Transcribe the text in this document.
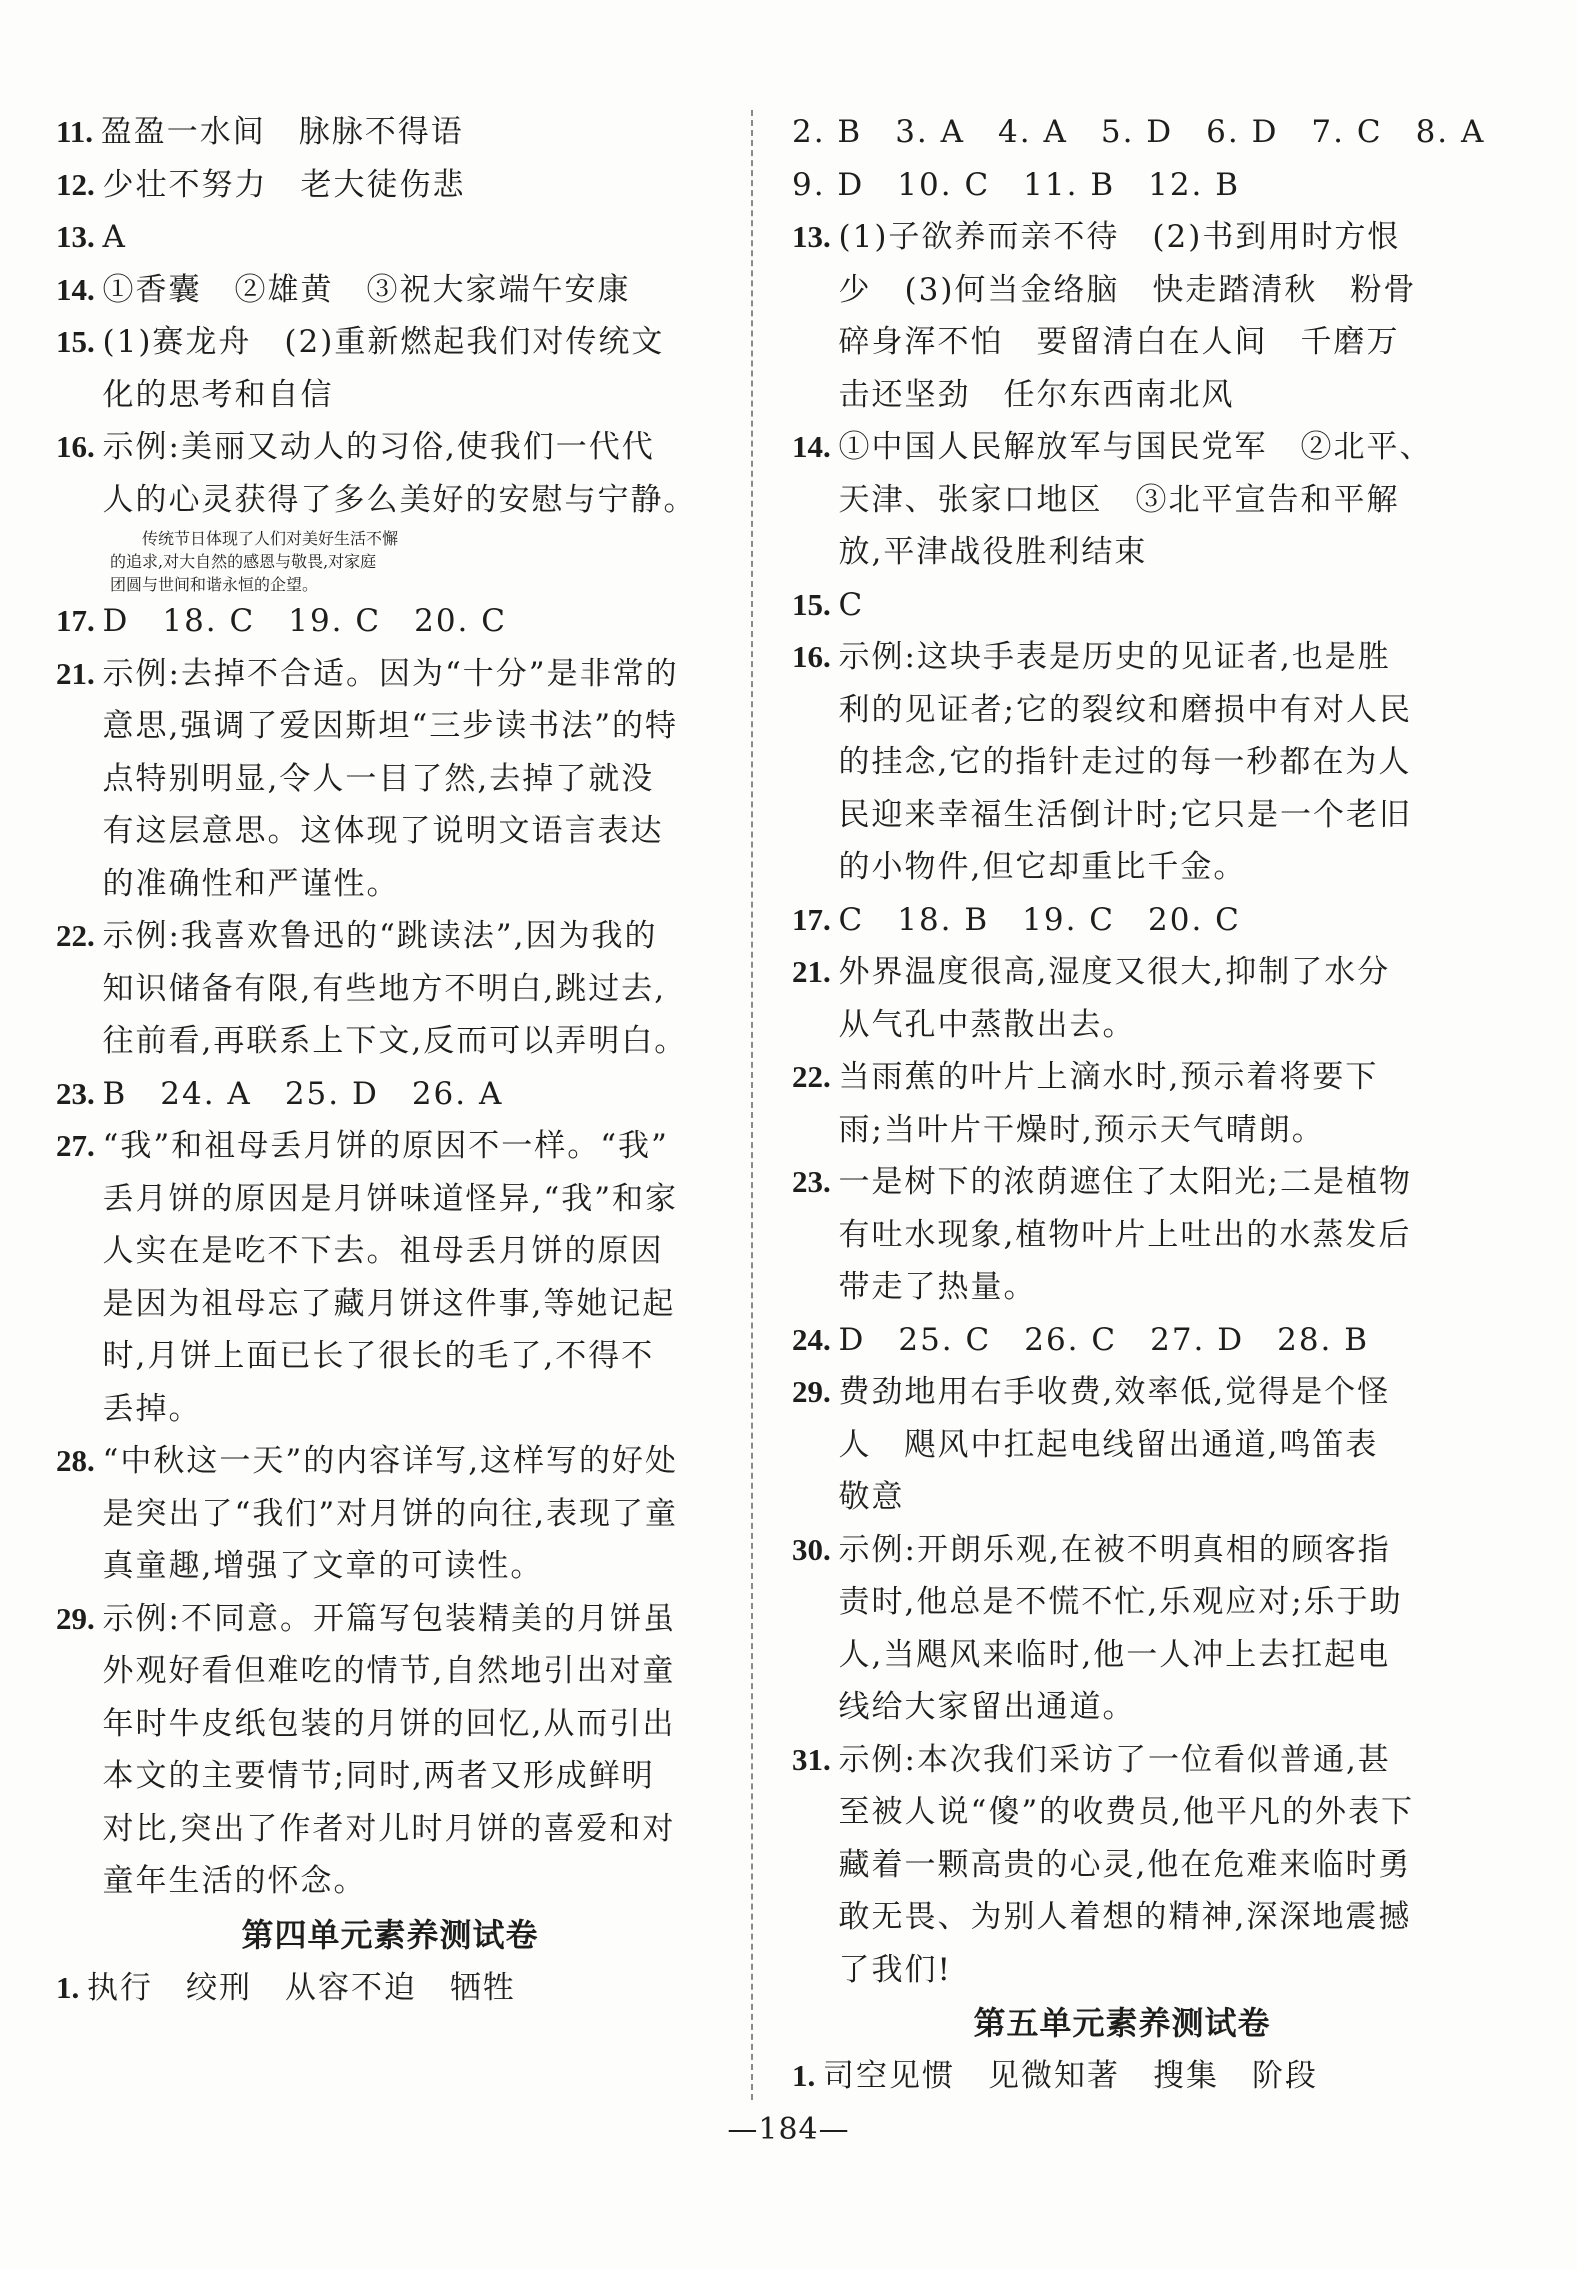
11. 盈盈一水间　脉脉不得语
12. 少壮不努力　老大徒伤悲
13. A
14. ①香囊　②雄黄　③祝大家端午安康
15. (1)赛龙舟　(2)重新燃起我们对传统文
化的思考和自信
16. 示例:美丽又动人的习俗,使我们一代代
人的心灵获得了多么美好的安慰与宁静。
传统节日体现了人们对美好生活不懈
的追求,对大自然的感恩与敬畏,对家庭
团圆与世间和谐永恒的企望。
17. D　18. C　19. C　20. C
21. 示例:去掉不合适。因为“十分”是非常的
意思,强调了爱因斯坦“三步读书法”的特
点特别明显,令人一目了然,去掉了就没
有这层意思。这体现了说明文语言表达
的准确性和严谨性。
22. 示例:我喜欢鲁迅的“跳读法”,因为我的
知识储备有限,有些地方不明白,跳过去,
往前看,再联系上下文,反而可以弄明白。
23. B　24. A　25. D　26. A
27. “我”和祖母丢月饼的原因不一样。“我”
丢月饼的原因是月饼味道怪异,“我”和家
人实在是吃不下去。祖母丢月饼的原因
是因为祖母忘了藏月饼这件事,等她记起
时,月饼上面已长了很长的毛了,不得不
丢掉。
28. “中秋这一天”的内容详写,这样写的好处
是突出了“我们”对月饼的向往,表现了童
真童趣,增强了文章的可读性。
29. 示例:不同意。开篇写包装精美的月饼虽
外观好看但难吃的情节,自然地引出对童
年时牛皮纸包装的月饼的回忆,从而引出
本文的主要情节;同时,两者又形成鲜明
对比,突出了作者对儿时月饼的喜爱和对
童年生活的怀念。
第四单元素养测试卷
1. 执行　绞刑　从容不迫　牺牲
2. B　3. A　4. A　5. D　6. D　7. C　8. A
9. D　10. C　11. B　12. B
13. (1)子欲养而亲不待　(2)书到用时方恨
少　(3)何当金络脑　快走踏清秋　粉骨
碎身浑不怕　要留清白在人间　千磨万
击还坚劲　任尔东西南北风
14. ①中国人民解放军与国民党军　②北平、
天津、张家口地区　③北平宣告和平解
放,平津战役胜利结束
15. C
16. 示例:这块手表是历史的见证者,也是胜
利的见证者;它的裂纹和磨损中有对人民
的挂念,它的指针走过的每一秒都在为人
民迎来幸福生活倒计时;它只是一个老旧
的小物件,但它却重比千金。
17. C　18. B　19. C　20. C
21. 外界温度很高,湿度又很大,抑制了水分
从气孔中蒸散出去。
22. 当雨蕉的叶片上滴水时,预示着将要下
雨;当叶片干燥时,预示天气晴朗。
23. 一是树下的浓荫遮住了太阳光;二是植物
有吐水现象,植物叶片上吐出的水蒸发后
带走了热量。
24. D　25. C　26. C　27. D　28. B
29. 费劲地用右手收费,效率低,觉得是个怪
人　飓风中扛起电线留出通道,鸣笛表
敬意
30. 示例:开朗乐观,在被不明真相的顾客指
责时,他总是不慌不忙,乐观应对;乐于助
人,当飓风来临时,他一人冲上去扛起电
线给大家留出通道。
31. 示例:本次我们采访了一位看似普通,甚
至被人说“傻”的收费员,他平凡的外表下
藏着一颗高贵的心灵,他在危难来临时勇
敢无畏、为别人着想的精神,深深地震撼
了我们!
第五单元素养测试卷
1. 司空见惯　见微知著　搜集　阶段
—184—
